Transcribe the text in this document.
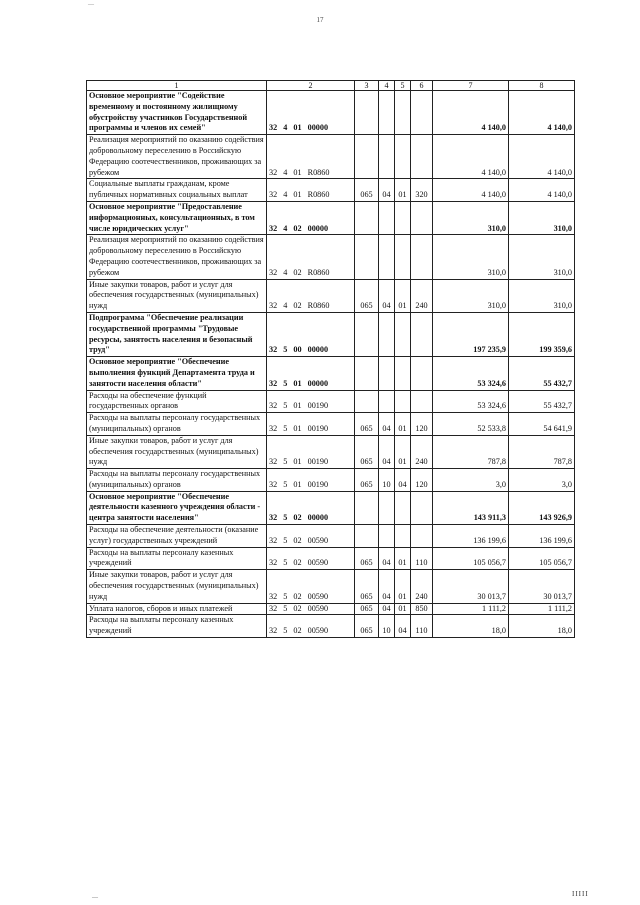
—
17
1	2	3	4	5	6	7	8
Основное мероприятие "Содействие временному и постоянному жилищному обустройству участников Государственной программы и членов их семей"	32 4 01 00000					4 140,0	4 140,0
Реализация мероприятий по оказанию содействия добровольному переселению в Российскую Федерацию соотечественников, проживающих за рубежом	32 4 01 R0860					4 140,0	4 140,0
Социальные выплаты гражданам, кроме публичных нормативных социальных выплат	32 4 01 R0860	065	04	01	320	4 140,0	4 140,0
Основное мероприятие "Предоставление информационных, консультационных, в том числе юридических услуг"	32 4 02 00000					310,0	310,0
Реализация мероприятий по оказанию содействия добровольному переселению в Российскую Федерацию соотечественников, проживающих за рубежом	32 4 02 R0860					310,0	310,0
Иные закупки товаров, работ и услуг для обеспечения государственных (муниципальных) нужд	32 4 02 R0860	065	04	01	240	310,0	310,0
Подпрограмма "Обеспечение реализации государственной программы "Трудовые ресурсы, занятость населения и безопасный труд"	32 5 00 00000					197 235,9	199 359,6
Основное мероприятие "Обеспечение выполнения функций Департамента труда и занятости населения области"	32 5 01 00000					53 324,6	55 432,7
Расходы на обеспечение функций государственных органов	32 5 01 00190					53 324,6	55 432,7
Расходы на выплаты персоналу государственных (муниципальных) органов	32 5 01 00190	065	04	01	120	52 533,8	54 641,9
Иные закупки товаров, работ и услуг для обеспечения государственных (муниципальных) нужд	32 5 01 00190	065	04	01	240	787,8	787,8
Расходы на выплаты персоналу государственных (муниципальных) органов	32 5 01 00190	065	10	04	120	3,0	3,0
Основное мероприятие "Обеспечение деятельности казенного учреждения области - центра занятости населения"	32 5 02 00000					143 911,3	143 926,9
Расходы на обеспечение деятельности (оказание услуг) государственных учреждений	32 5 02 00590					136 199,6	136 199,6
Расходы на выплаты персоналу казенных учреждений	32 5 02 00590	065	04	01	110	105 056,7	105 056,7
Иные закупки товаров, работ и услуг для обеспечения государственных (муниципальных) нужд	32 5 02 00590	065	04	01	240	30 013,7	30 013,7
Уплата налогов, сборов и иных платежей	32 5 02 00590	065	04	01	850	1 111,2	1 111,2
Расходы на выплаты персоналу казенных учреждений	32 5 02 00590	065	10	04	110	18,0	18,0
—	IIIII
